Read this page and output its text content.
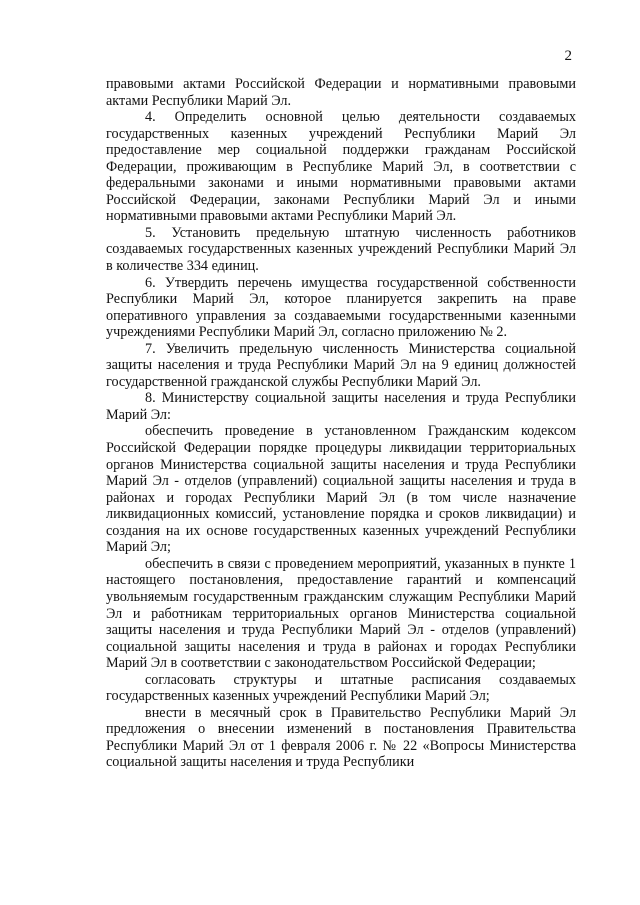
2

правовыми актами Российской Федерации и нормативными правовыми актами Республики Марий Эл.

4. Определить основной целью деятельности создаваемых государственных казенных учреждений Республики Марий Эл предоставление мер социальной поддержки гражданам Российской Федерации, проживающим в Республике Марий Эл, в соответствии с федеральными законами и иными нормативными правовыми актами Российской Федерации, законами Республики Марий Эл и иными нормативными правовыми актами Республики Марий Эл.

5. Установить предельную штатную численность работников создаваемых государственных казенных учреждений Республики Марий Эл в количестве 334 единиц.

6. Утвердить перечень имущества государственной собственности Республики Марий Эл, которое планируется закрепить на праве оперативного управления за создаваемыми государственными казенными учреждениями Республики Марий Эл, согласно приложению № 2.

7. Увеличить предельную численность Министерства социальной защиты населения и труда Республики Марий Эл на 9 единиц должностей государственной гражданской службы Республики Марий Эл.

8. Министерству социальной защиты населения и труда Республики Марий Эл:

обеспечить проведение в установленном Гражданским кодексом Российской Федерации порядке процедуры ликвидации территориальных органов Министерства социальной защиты населения и труда Республики Марий Эл - отделов (управлений) социальной защиты населения и труда в районах и городах Республики Марий Эл (в том числе назначение ликвидационных комиссий, установление порядка и сроков ликвидации) и создания на их основе государственных казенных учреждений Республики Марий Эл;

обеспечить в связи с проведением мероприятий, указанных в пункте 1 настоящего постановления, предоставление гарантий и компенсаций увольняемым государственным гражданским служащим Республики Марий Эл и работникам территориальных органов Министерства социальной защиты населения и труда Республики Марий Эл - отделов (управлений) социальной защиты населения и труда в районах и городах Республики Марий Эл в соответствии с законодательством Российской Федерации;

согласовать структуры и штатные расписания создаваемых государственных казенных учреждений Республики Марий Эл;

внести в месячный срок в Правительство Республики Марий Эл предложения о внесении изменений в постановления Правительства Республики Марий Эл от 1 февраля 2006 г. № 22 «Вопросы Министерства социальной защиты населения и труда Республики
